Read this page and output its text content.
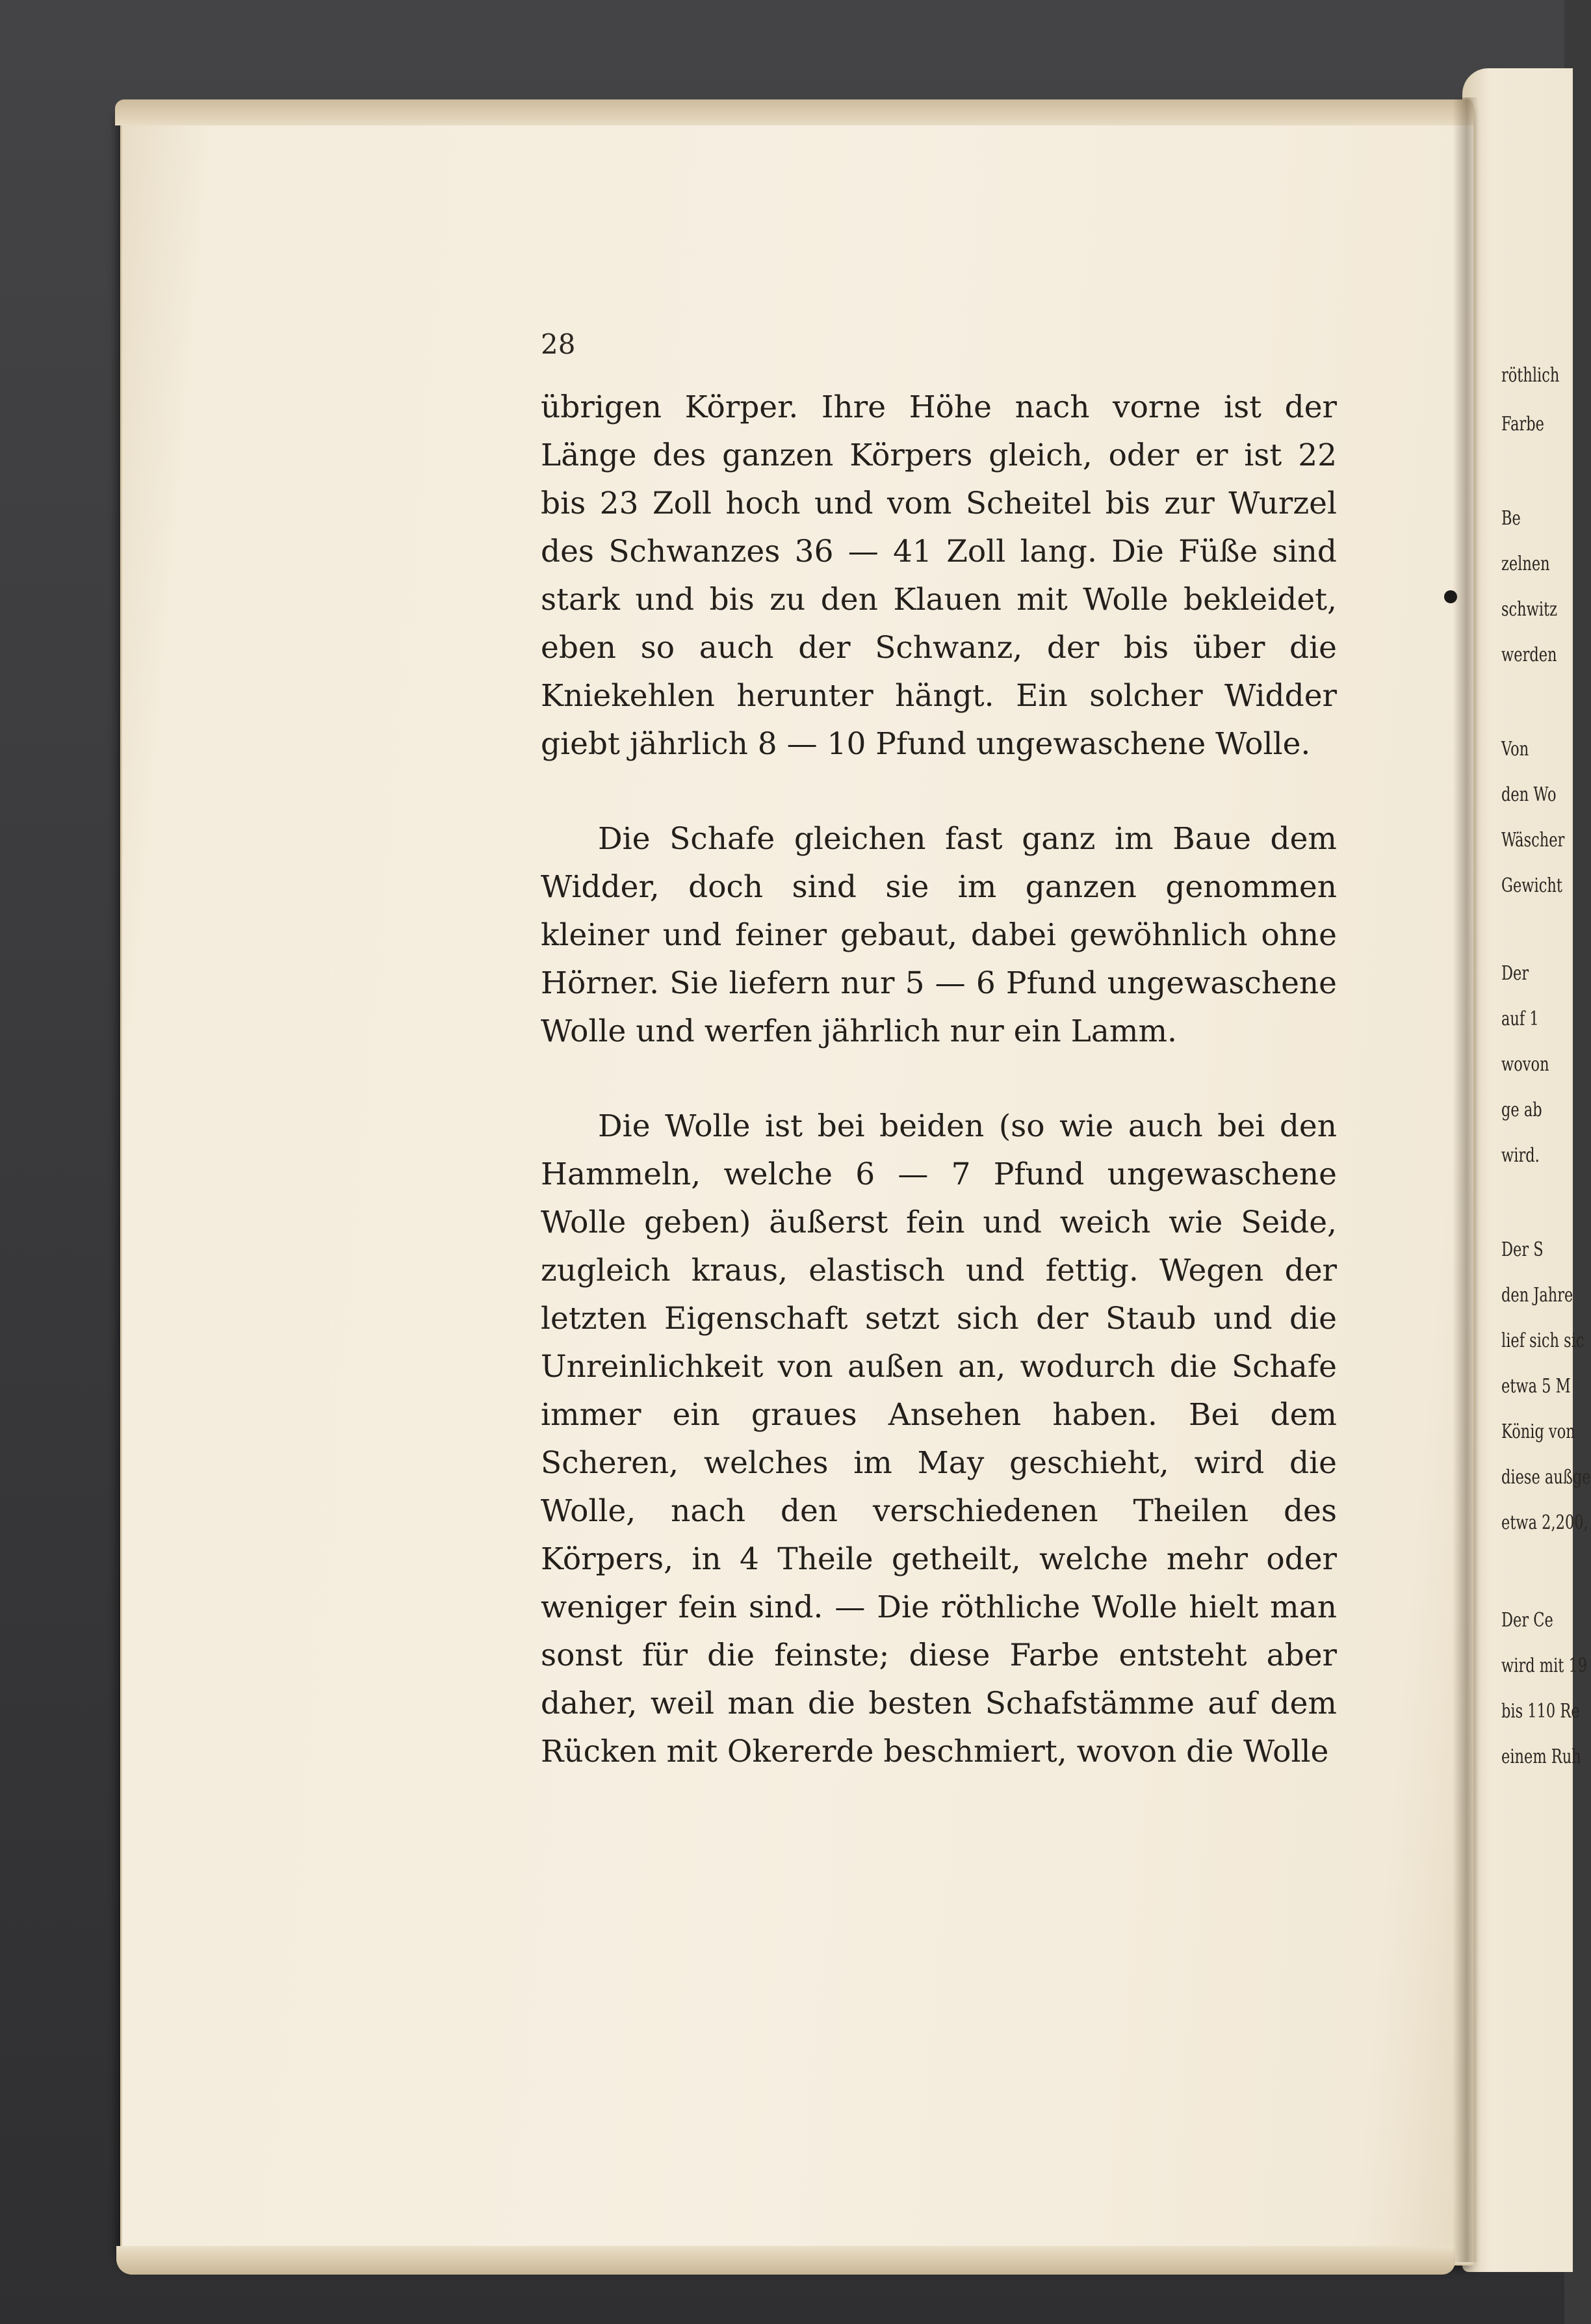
röthlich

Farbe

Be

zelnen

schwitz

werden

Von

den Wo

Wäscher

Gewicht

Der

auf 1

wovon

ge ab

wird.

Der S

den Jahre

lief sich sic

etwa 5 M

König von

diese außge

etwa 2,200,

Der Ce

wird mit 19

bis 110 Re

einem Ruh

28

übrigen Körper. Ihre Höhe nach vorne ist der Länge des ganzen Körpers gleich, oder er ist 22 bis 23 Zoll hoch und vom Scheitel bis zur Wurzel des Schwanzes 36 — 41 Zoll lang. Die Füße sind stark und bis zu den Klauen mit Wolle bekleidet, eben so auch der Schwanz, der bis über die Kniekehlen herunter hängt. Ein solcher Widder giebt jährlich 8 — 10 Pfund ungewaschene Wolle.

Die Schafe gleichen fast ganz im Baue dem Widder, doch sind sie im ganzen genommen kleiner und feiner gebaut, dabei gewöhnlich ohne Hörner. Sie liefern nur 5 — 6 Pfund ungewaschene Wolle und werfen jährlich nur ein Lamm.

Die Wolle ist bei beiden (so wie auch bei den Hammeln, welche 6 — 7 Pfund ungewaschene Wolle geben) äußerst fein und weich wie Seide, zugleich kraus, elastisch und fettig. Wegen der letzten Eigenschaft setzt sich der Staub und die Unreinlichkeit von außen an, wodurch die Schafe immer ein graues Ansehen haben. Bei dem Scheren, welches im May geschieht, wird die Wolle, nach den verschiedenen Theilen des Körpers, in 4 Theile getheilt, welche mehr oder weniger fein sind. — Die röthliche Wolle hielt man sonst für die feinste; diese Farbe entsteht aber daher, weil man die besten Schafstämme auf dem Rücken mit Okererde beschmiert, wovon die Wolle
